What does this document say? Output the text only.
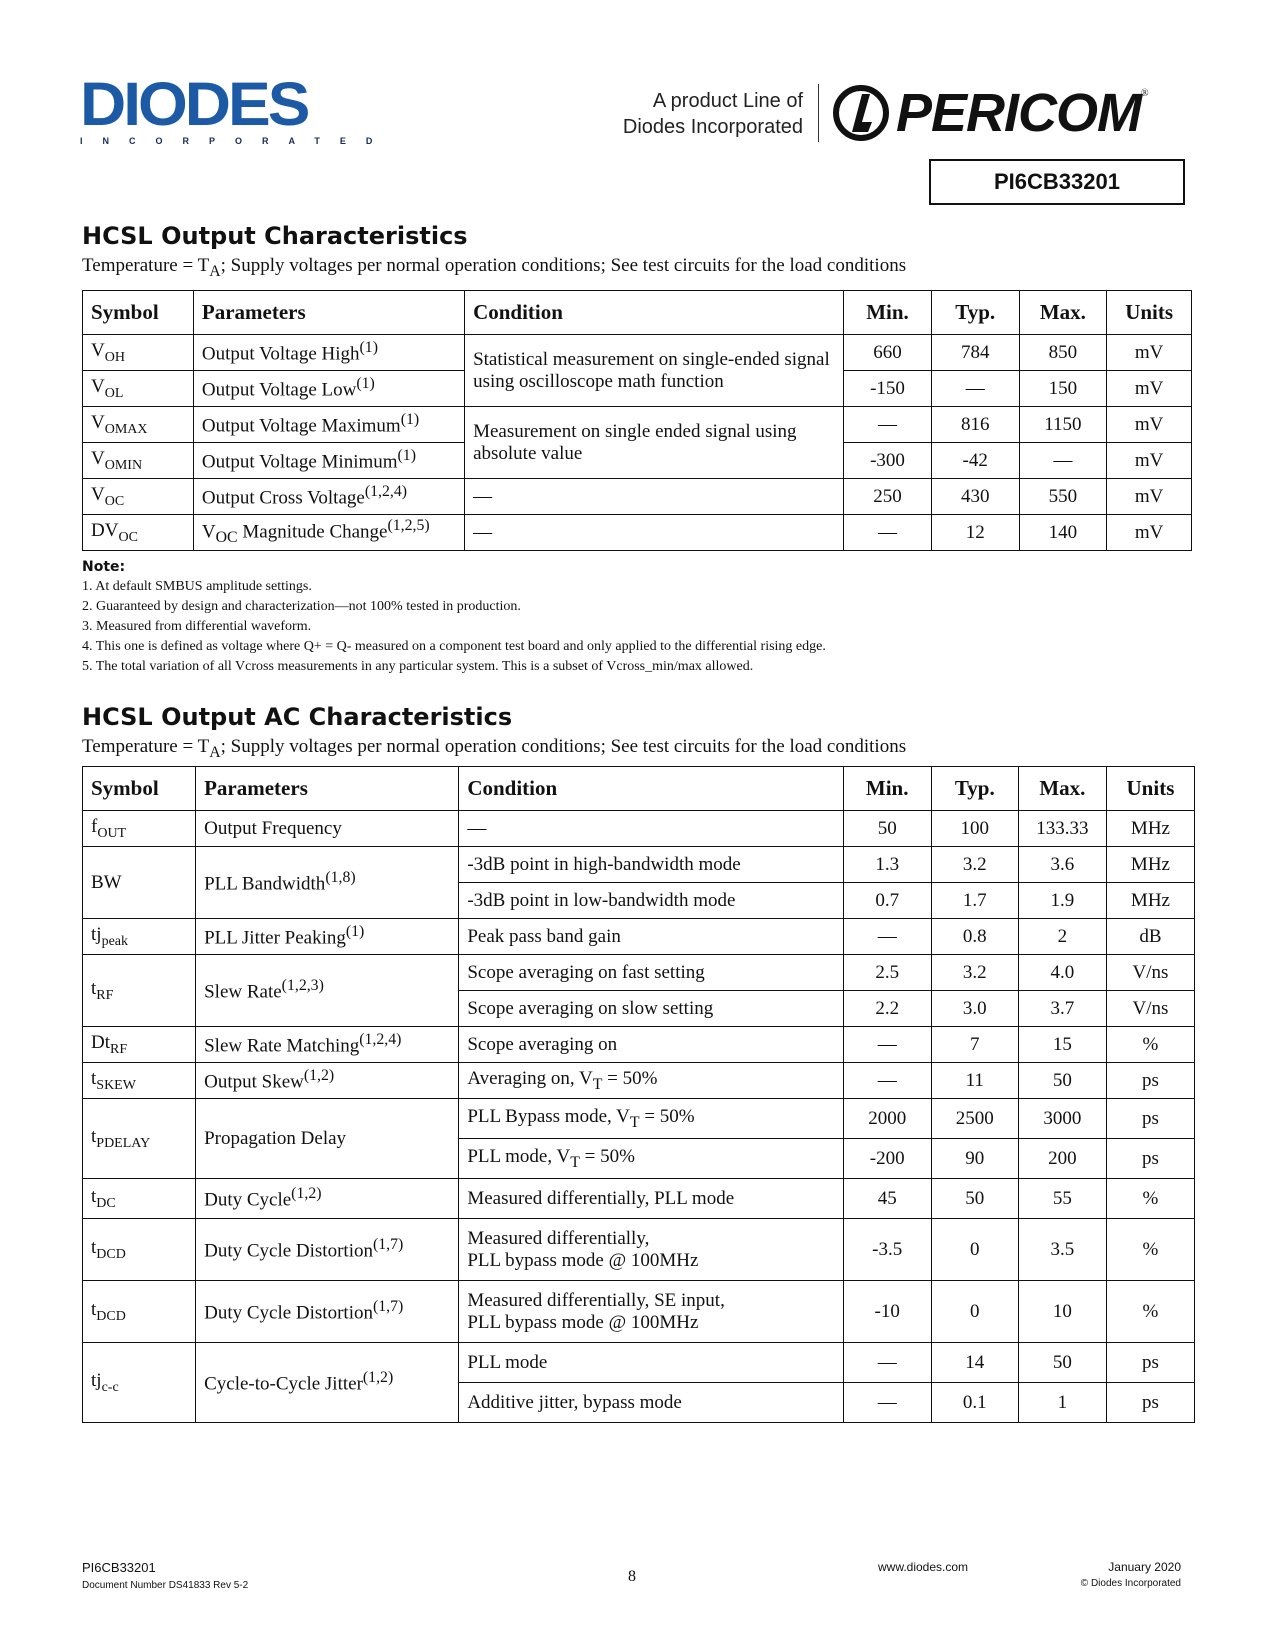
DIODES
INCORPORATED
A product Line of
Diodes Incorporated PERICOM ®
PI6CB33201
HCSL Output Characteristics
Temperature = $T_A$; Supply voltages per normal operation conditions; See test circuits for the load conditions
Symbol	Parameters	Condition	Min.	Typ.	Max.	Units
$V_{OH}$	Output Voltage High$^{(1)}$	Statistical measurement on single-ended signal using oscilloscope math function	660	784	850	mV
$V_{OL}$	Output Voltage Low$^{(1)}$		-150	—	150	mV
$V_{OMAX}$	Output Voltage Maximum$^{(1)}$	Measurement on single ended signal using absolute value	—	816	1150	mV
$V_{OMIN}$	Output Voltage Minimum$^{(1)}$		-300	-42	—	mV
$V_{OC}$	Output Cross Voltage$^{(1,2,4)}$	—	250	430	550	mV
$DV_{OC}$	$V_{OC}$ Magnitude Change$^{(1,2,5)}$	—	—	12	140	mV
Note:
1. At default SMBUS amplitude settings.
2. Guaranteed by design and characterization—not 100% tested in production.
3. Measured from differential waveform.
4. This one is defined as voltage where Q+ = Q- measured on a component test board and only applied to the differential rising edge.
5. The total variation of all Vcross measurements in any particular system. This is a subset of Vcross_min/max allowed.
HCSL Output AC Characteristics
Temperature = $T_A$; Supply voltages per normal operation conditions; See test circuits for the load conditions
Symbol	Parameters	Condition	Min.	Typ.	Max.	Units
$f_{OUT}$	Output Frequency	—	50	100	133.33	MHz
BW	PLL Bandwidth$^{(1,8)}$	-3dB point in high-bandwidth mode	1.3	3.2	3.6	MHz
		-3dB point in low-bandwidth mode	0.7	1.7	1.9	MHz
$tj_{peak}$	PLL Jitter Peaking$^{(1)}$	Peak pass band gain	—	0.8	2	dB
$t_{RF}$	Slew Rate$^{(1,2,3)}$	Scope averaging on fast setting	2.5	3.2	4.0	V/ns
		Scope averaging on slow setting	2.2	3.0	3.7	V/ns
$Dt_{RF}$	Slew Rate Matching$^{(1,2,4)}$	Scope averaging on	—	7	15	%
$t_{SKEW}$	Output Skew$^{(1,2)}$	Averaging on, $V_T = 50\%$	—	11	50	ps
$t_{PDELAY}$	Propagation Delay	PLL Bypass mode, $V_T = 50\%$	2000	2500	3000	ps
		PLL mode, $V_T = 50\%$	-200	90	200	ps
$t_{DC}$	Duty Cycle$^{(1,2)}$	Measured differentially, PLL mode	45	50	55	%
$t_{DCD}$	Duty Cycle Distortion$^{(1,7)}$	Measured differentially,
PLL bypass mode @ 100MHz	-3.5	0	3.5	%
$t_{DCD}$	Duty Cycle Distortion$^{(1,7)}$	Measured differentially, SE input,
PLL bypass mode @ 100MHz	-10	0	10	%
$tj_{c-c}$	Cycle-to-Cycle Jitter$^{(1,2)}$	PLL mode	—	14	50	ps
		Additive jitter, bypass mode	—	0.1	1	ps
PI6CB33201
Document Number DS41833 Rev 5-2
8
www.diodes.com	January 2020
© Diodes Incorporated
